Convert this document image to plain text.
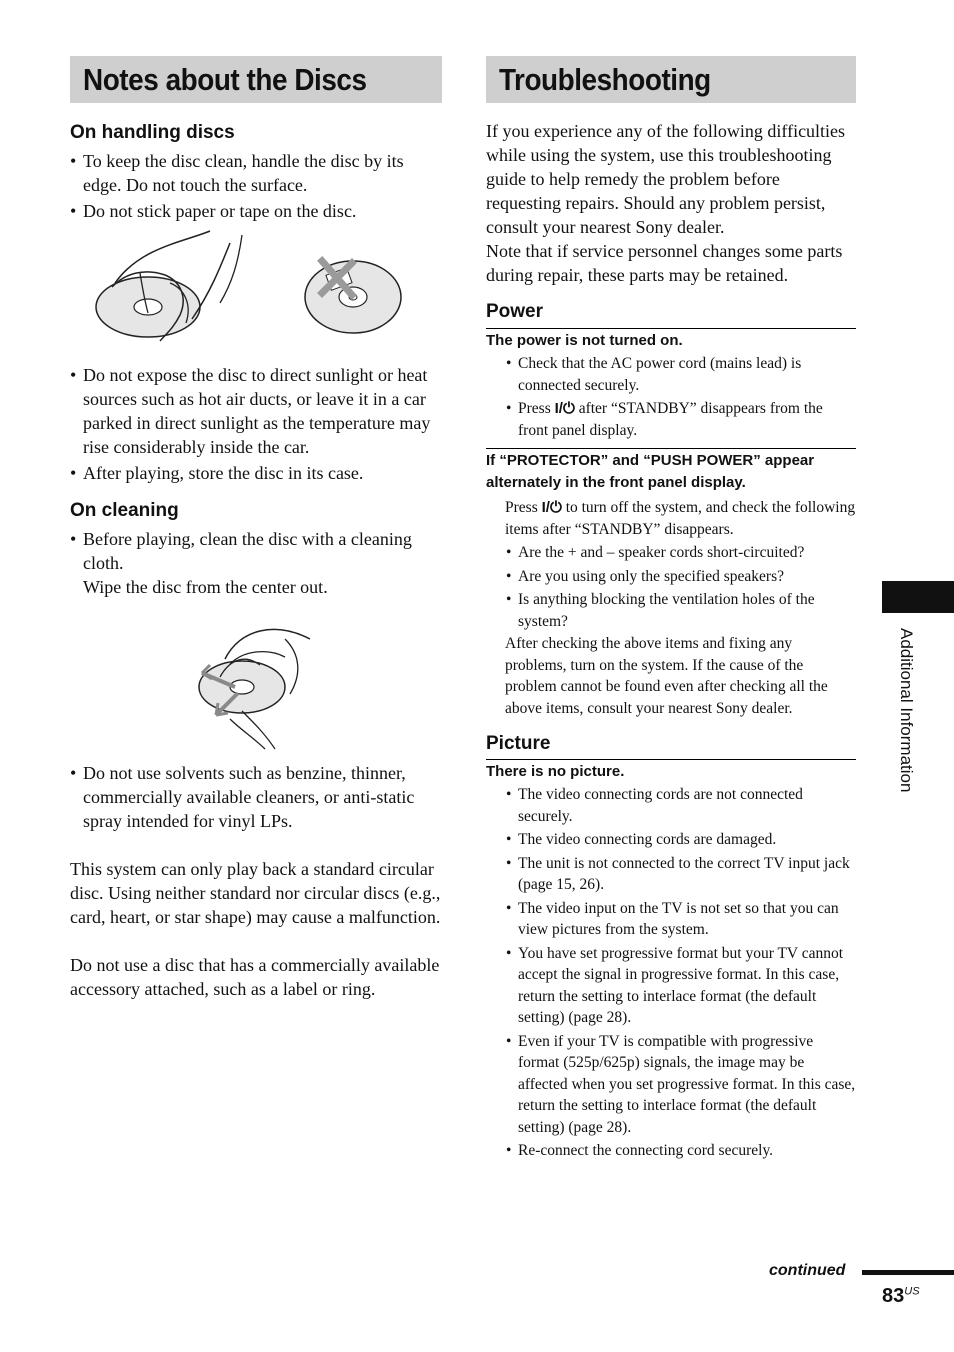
Notes about the Discs
On handling discs

• To keep the disc clean, handle the disc by its edge. Do not touch the surface.

• Do not stick paper or tape on the disc.

• Do not expose the disc to direct sunlight or heat sources such as hot air ducts, or leave it in a car parked in direct sunlight as the temperature may rise considerably inside the car.

• After playing, store the disc in its case.

On cleaning

• Before playing, clean the disc with a cleaning cloth.
Wipe the disc from the center out.

• Do not use solvents such as benzine, thinner, commercially available cleaners, or anti-static spray intended for vinyl LPs.

This system can only play back a standard circular disc. Using neither standard nor circular discs (e.g., card, heart, or star shape) may cause a malfunction.

Do not use a disc that has a commercially available accessory attached, such as a label or ring.

Troubleshooting

If you experience any of the following difficulties while using the system, use this troubleshooting guide to help remedy the problem before requesting repairs. Should any problem persist, consult your nearest Sony dealer.

Note that if service personnel changes some parts during repair, these parts may be retained.

Power

The power is not turned on.

• Check that the AC power cord (mains lead) is connected securely.

• Press I/⏻ after “STANDBY” disappears from the front panel display.

If “PROTECTOR” and “PUSH POWER” appear alternately in the front panel display.

Press I/⏻ to turn off the system, and check the following items after “STANDBY” disappears.

• Are the + and – speaker cords short-circuited?

• Are you using only the specified speakers?

• Is anything blocking the ventilation holes of the system?

After checking the above items and fixing any problems, turn on the system. If the cause of the problem cannot be found even after checking all the above items, consult your nearest Sony dealer.

Picture

There is no picture.

• The video connecting cords are not connected securely.

• The video connecting cords are damaged.

• The unit is not connected to the correct TV input jack (page 15, 26).

• The video input on the TV is not set so that you can view pictures from the system.

• You have set progressive format but your TV cannot accept the signal in progressive format. In this case, return the setting to interlace format (the default setting) (page 28).

• Even if your TV is compatible with progressive format (525p/625p) signals, the image may be affected when you set progressive format. In this case, return the setting to interlace format (the default setting) (page 28).

• Re-connect the connecting cord securely.

Additional Information
continued
$83^{US}$
